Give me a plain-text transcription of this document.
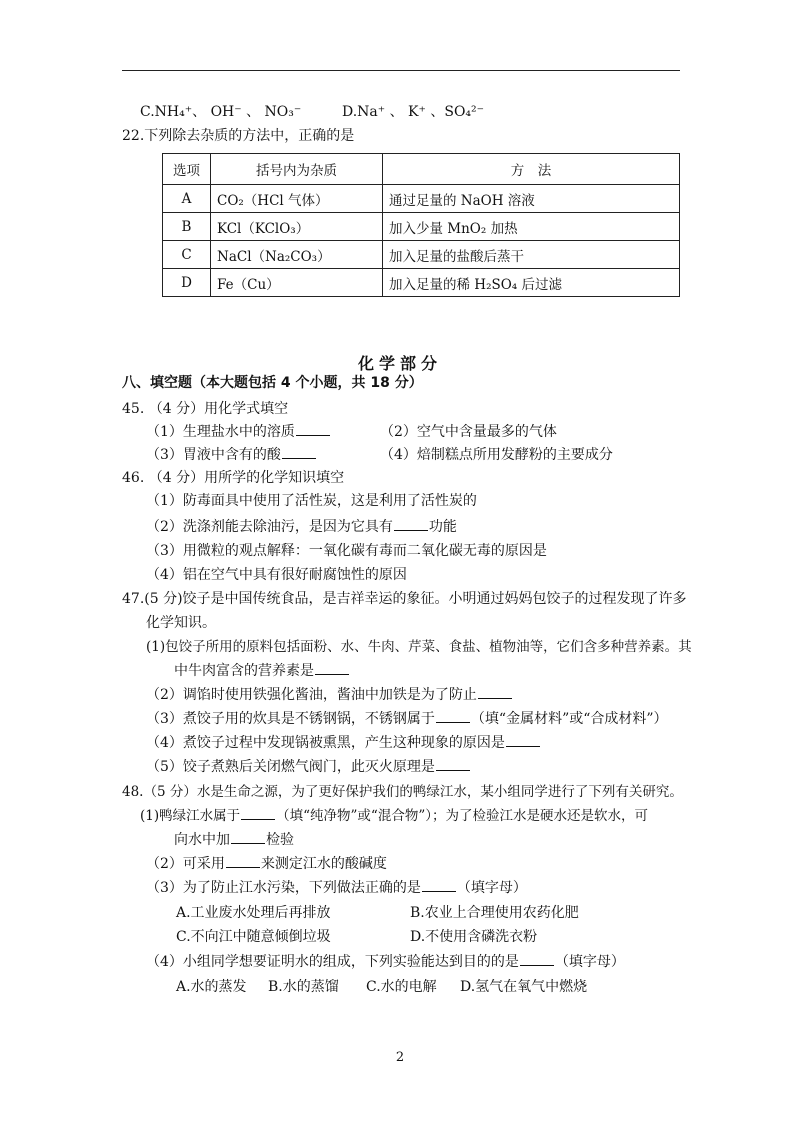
C.NH₄⁺、 OH⁻ 、 NO₃⁻	D.Na⁺ 、 K⁺ 、SO₄²⁻
22.下列除去杂质的方法中，正确的是
选项	括号内为杂质	方　法
A	CO₂（HCl 气体）	通过足量的 NaOH 溶液
B	KCl（KClO₃）	加入少量 MnO₂ 加热
C	NaCl（Na₂CO₃）	加入足量的盐酸后蒸干
D	Fe（Cu）	加入足量的稀 H₂SO₄ 后过滤
化学部分
八、填空题（本大题包括 4 个小题，共 18 分）
45. （4 分）用化学式填空
（1）生理盐水中的溶质	（2）空气中含量最多的气体
（3）胃液中含有的酸	（4）焙制糕点所用发酵粉的主要成分
46. （4 分）用所学的化学知识填空
（1）防毒面具中使用了活性炭，这是利用了活性炭的
（2）洗涤剂能去除油污，是因为它具有	功能
（3）用微粒的观点解释：一氧化碳有毒而二氧化碳无毒的原因是
（4）铝在空气中具有很好耐腐蚀性的原因
47.(5 分)饺子是中国传统食品，是吉祥幸运的象征。小明通过妈妈包饺子的过程发现了许多
化学知识。
(1)包饺子所用的原料包括面粉、水、牛肉、芹菜、食盐、植物油等，它们含多种营养素。其
中牛肉富含的营养素是
（2）调馅时使用铁强化酱油，酱油中加铁是为了防止
（3）煮饺子用的炊具是不锈钢锅，不锈钢属于	（填“金属材料”或“合成材料”）
（4）煮饺子过程中发现锅被熏黑，产生这种现象的原因是
（5）饺子煮熟后关闭燃气阀门，此灭火原理是
48.（5 分）水是生命之源，为了更好保护我们的鸭绿江水，某小组同学进行了下列有关研究。
(1)鸭绿江水属于	（填“纯净物”或“混合物”）；为了检验江水是硬水还是软水，可
向水中加	检验
（2）可采用	来测定江水的酸碱度
（3）为了防止江水污染，下列做法正确的是	（填字母）
A.工业废水处理后再排放	B.农业上合理使用农药化肥
C.不向江中随意倾倒垃圾	D.不使用含磷洗衣粉
（4）小组同学想要证明水的组成，下列实验能达到目的的是	（填字母）
A.水的蒸发 B.水的蒸馏 C.水的电解 D.氢气在氧气中燃烧
2
